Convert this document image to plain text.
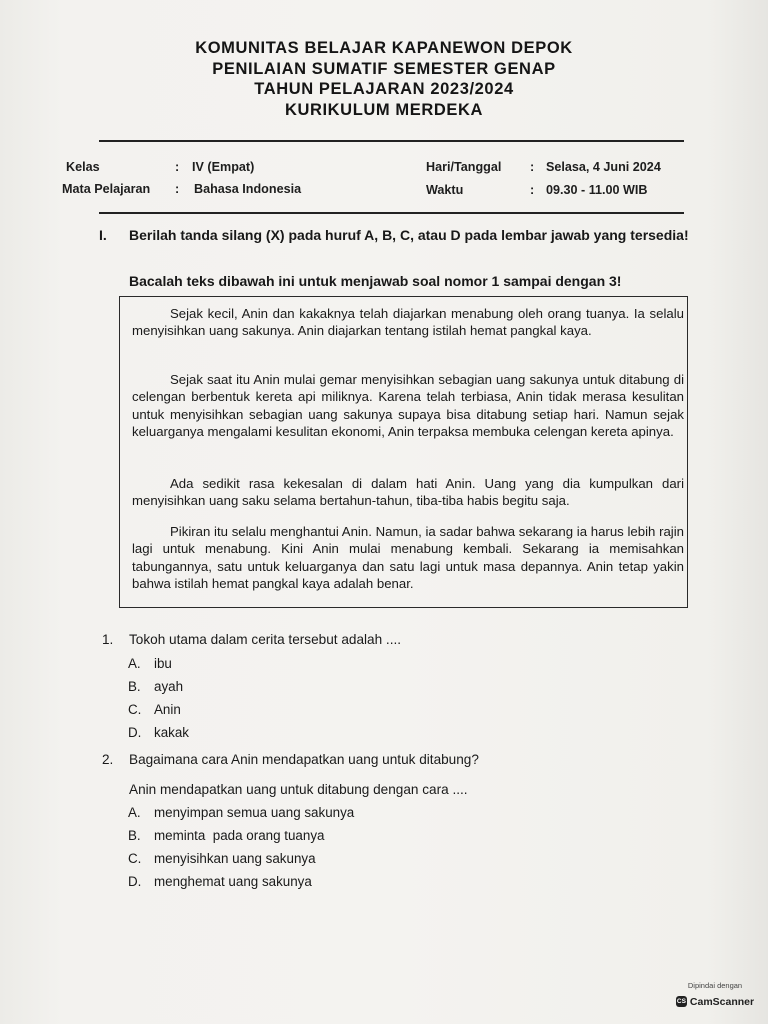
KOMUNITAS BELAJAR KAPANEWON DEPOK
PENILAIAN SUMATIF SEMESTER GENAP
TAHUN PELAJARAN 2023/2024
KURIKULUM MERDEKA
Kelas	: IV (Empat)
Mata Pelajaran : Bahasa Indonesia
Hari/Tanggal : Selasa, 4 Juni 2024
Waktu	: 09.30 - 11.00 WIB
I. Berilah tanda silang (X) pada huruf A, B, C, atau D pada lembar jawab yang tersedia!
Bacalah teks dibawah ini untuk menjawab soal nomor 1 sampai dengan 3!
Sejak kecil, Anin dan kakaknya telah diajarkan menabung oleh orang tuanya. Ia selalu menyisihkan uang sakunya. Anin diajarkan tentang istilah hemat pangkal kaya.
Sejak saat itu Anin mulai gemar menyisihkan sebagian uang sakunya untuk ditabung di celengan berbentuk kereta api miliknya. Karena telah terbiasa, Anin tidak merasa kesulitan untuk menyisihkan sebagian uang sakunya supaya bisa ditabung setiap hari. Namun sejak keluarganya mengalami kesulitan ekonomi, Anin terpaksa membuka celengan kereta apinya.
Ada sedikit rasa kekesalan di dalam hati Anin. Uang yang dia kumpulkan dari menyisihkan uang saku selama bertahun-tahun, tiba-tiba habis begitu saja.
Pikiran itu selalu menghantui Anin. Namun, ia sadar bahwa sekarang ia harus lebih rajin lagi untuk menabung. Kini Anin mulai menabung kembali. Sekarang ia memisahkan tabungannya, satu untuk keluarganya dan satu lagi untuk masa depannya. Anin tetap yakin bahwa istilah hemat pangkal kaya adalah benar.
1. Tokoh utama dalam cerita tersebut adalah ....
A. ibu
B. ayah
C. Anin
D. kakak
2. Bagaimana cara Anin mendapatkan uang untuk ditabung?
Anin mendapatkan uang untuk ditabung dengan cara ....
A. menyimpan semua uang sakunya
B. meminta  pada orang tuanya
C. menyisihkan uang sakunya
D. menghemat uang sakunya
Dipindai dengan
CS CamScanner
